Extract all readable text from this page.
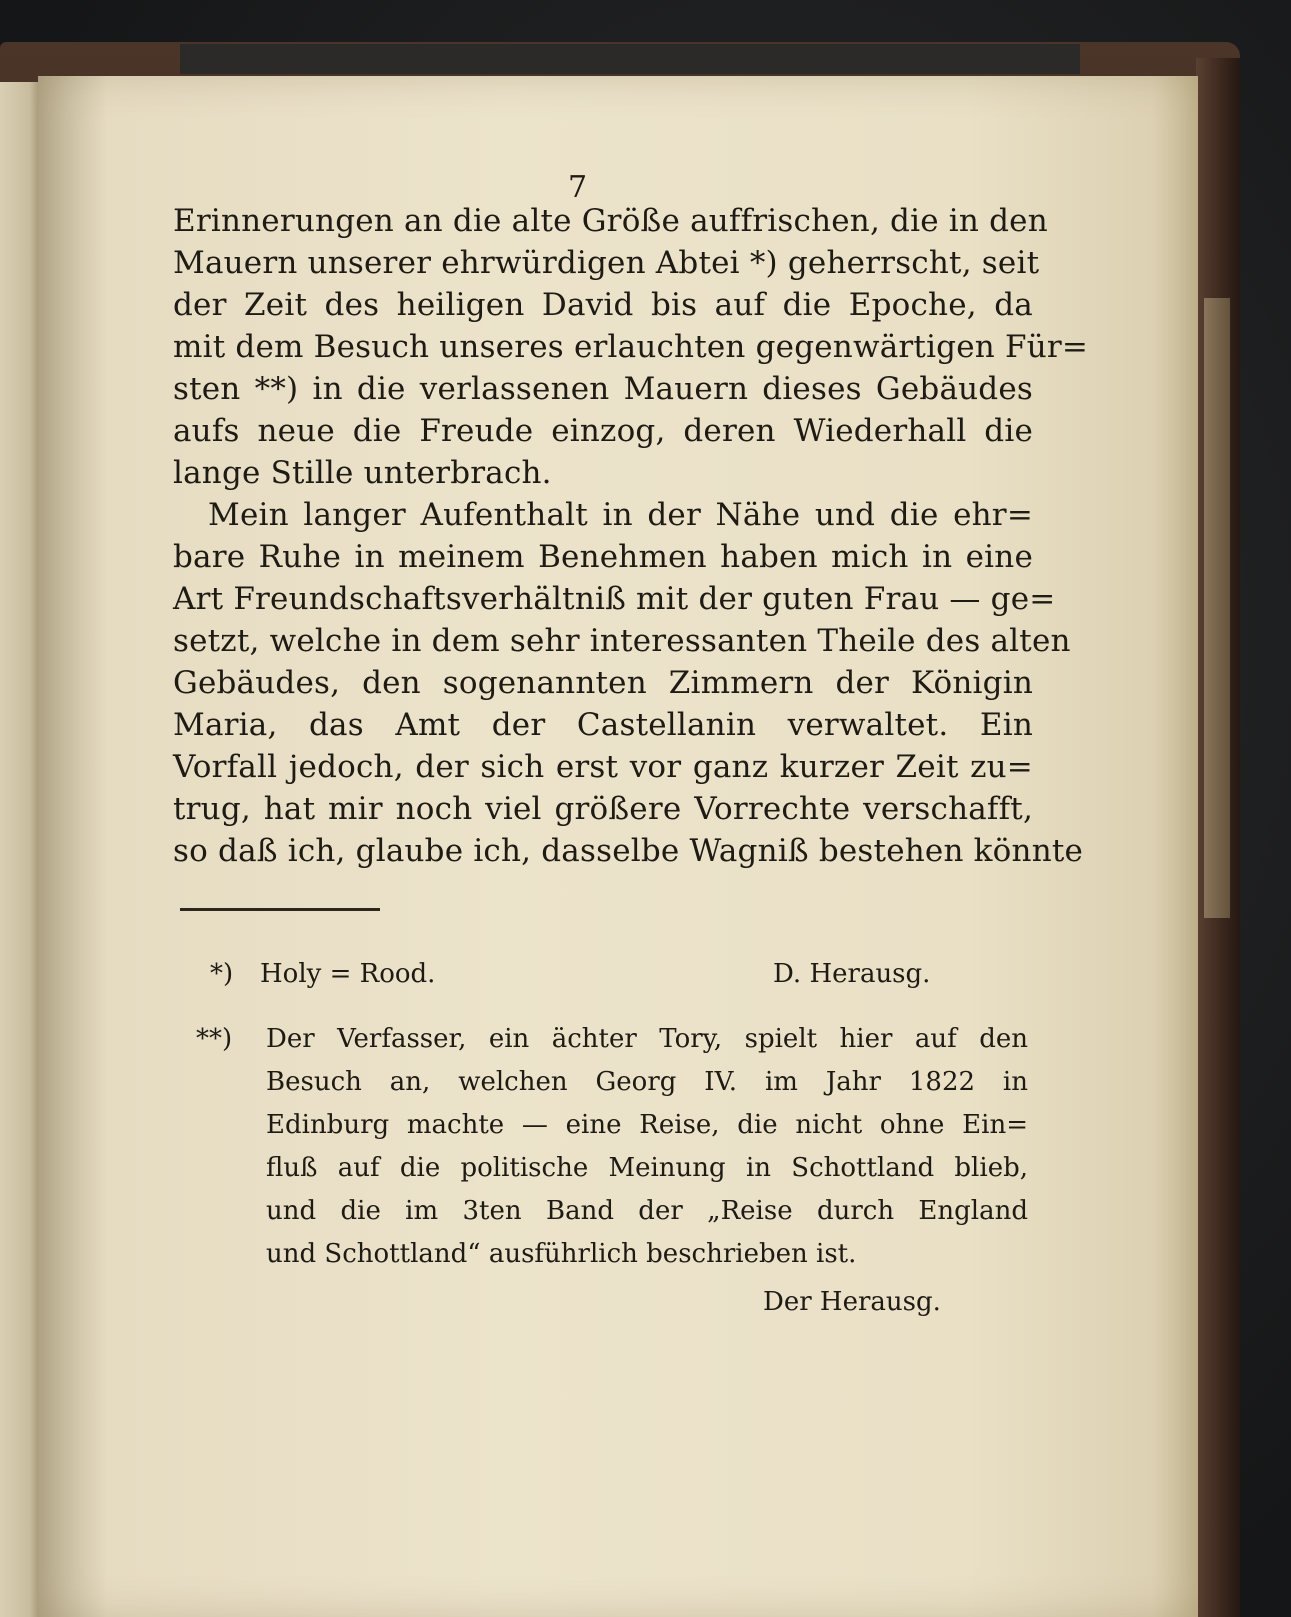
7
Erinnerungen an die alte Größe auffrischen, die in den
Mauern unserer ehrwürdigen Abtei *) geherrscht, seit
der Zeit des heiligen David bis auf die Epoche, da
mit dem Besuch unseres erlauchten gegenwärtigen Für=
sten **) in die verlassenen Mauern dieses Gebäudes
aufs neue die Freude einzog, deren Wiederhall die
lange Stille unterbrach.
Mein langer Aufenthalt in der Nähe und die ehr=
bare Ruhe in meinem Benehmen haben mich in eine
Art Freundschaftsverhältniß mit der guten Frau — ge=
setzt, welche in dem sehr interessanten Theile des alten
Gebäudes, den sogenannten Zimmern der Königin
Maria, das Amt der Castellanin verwaltet. Ein
Vorfall jedoch, der sich erst vor ganz kurzer Zeit zu=
trug, hat mir noch viel größere Vorrechte verschafft,
so daß ich, glaube ich, dasselbe Wagniß bestehen könnte
*) Holy = Rood.	D. Herausg.
**) Der Verfasser, ein ächter Tory, spielt hier auf den
Besuch an, welchen Georg IV. im Jahr 1822 in
Edinburg machte — eine Reise, die nicht ohne Ein=
fluß auf die politische Meinung in Schottland blieb,
und die im 3ten Band der „Reise durch England
und Schottland“ ausführlich beschrieben ist.
Der Herausg.
